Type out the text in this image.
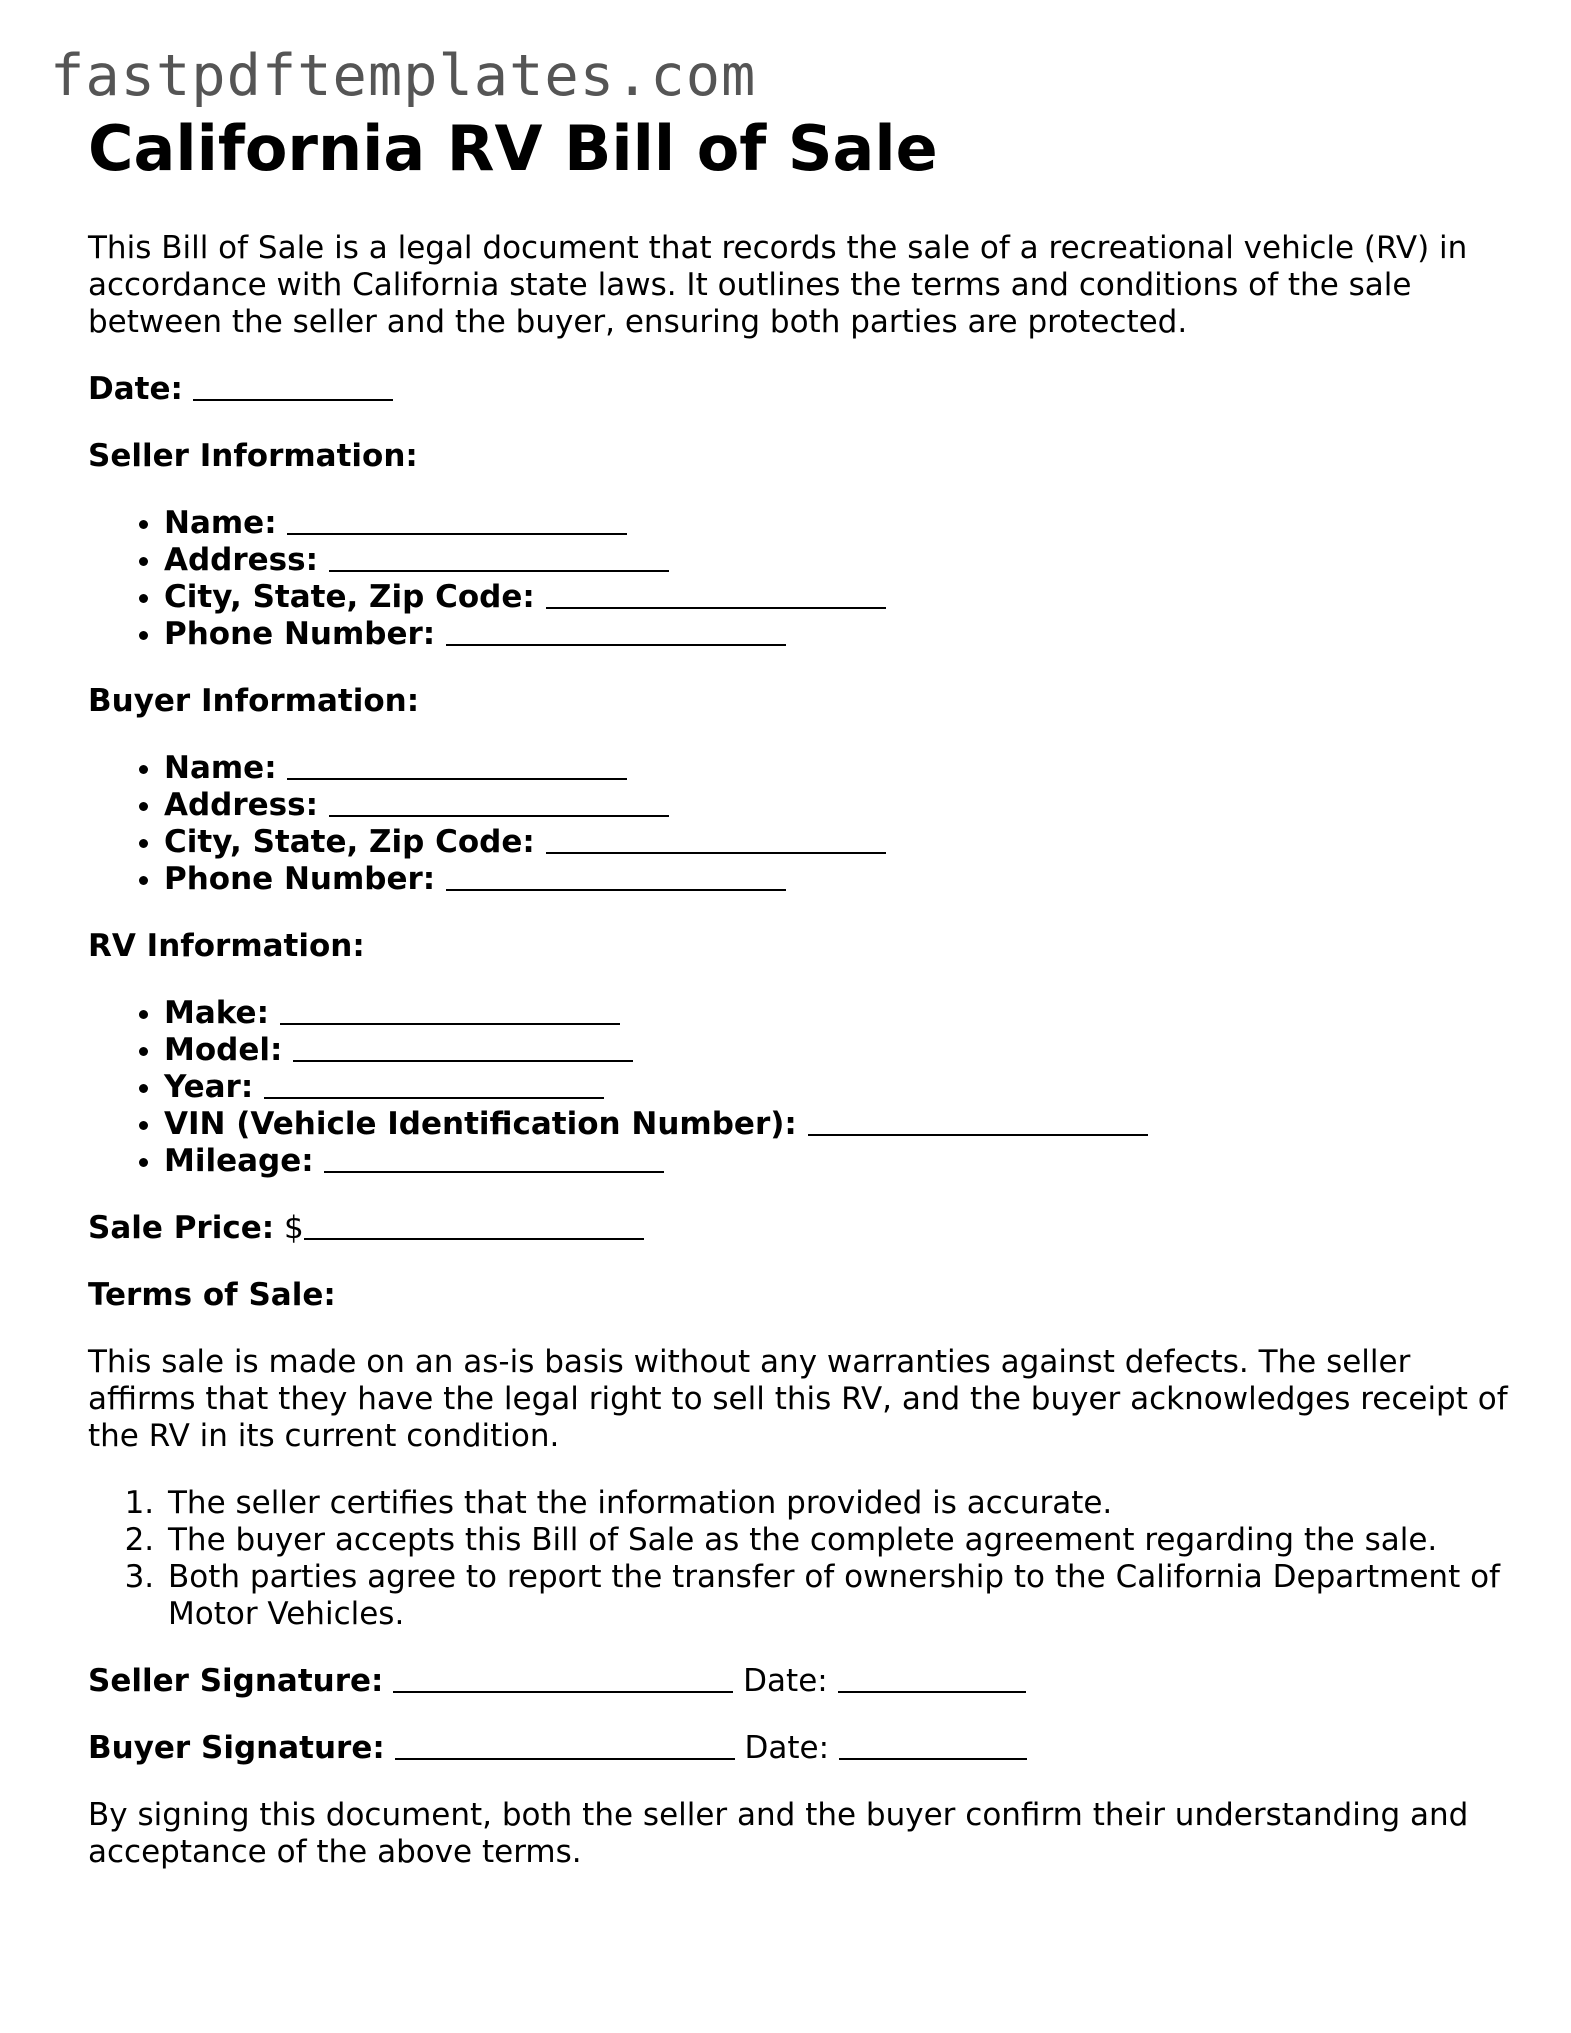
fastpdftemplates.com
California RV Bill of Sale

This Bill of Sale is a legal document that records the sale of a recreational vehicle (RV) in accordance with California state laws. It outlines the terms and conditions of the sale between the seller and the buyer, ensuring both parties are protected.

Date:

Seller Information:

• Name:
• Address:
• City, State, Zip Code:
• Phone Number:

Buyer Information:

• Name:
• Address:
• City, State, Zip Code:
• Phone Number:

RV Information:

• Make:
• Model:
• Year:
• VIN (Vehicle Identification Number):
• Mileage:

Sale Price: $

Terms of Sale:

This sale is made on an as-is basis without any warranties against defects. The seller affirms that they have the legal right to sell this RV, and the buyer acknowledges receipt of the RV in its current condition.

1. The seller certifies that the information provided is accurate.
2. The buyer accepts this Bill of Sale as the complete agreement regarding the sale.
3. Both parties agree to report the transfer of ownership to the California Department of Motor Vehicles.

Seller Signature:	Date:

Buyer Signature:	Date:

By signing this document, both the seller and the buyer confirm their understanding and acceptance of the above terms.
